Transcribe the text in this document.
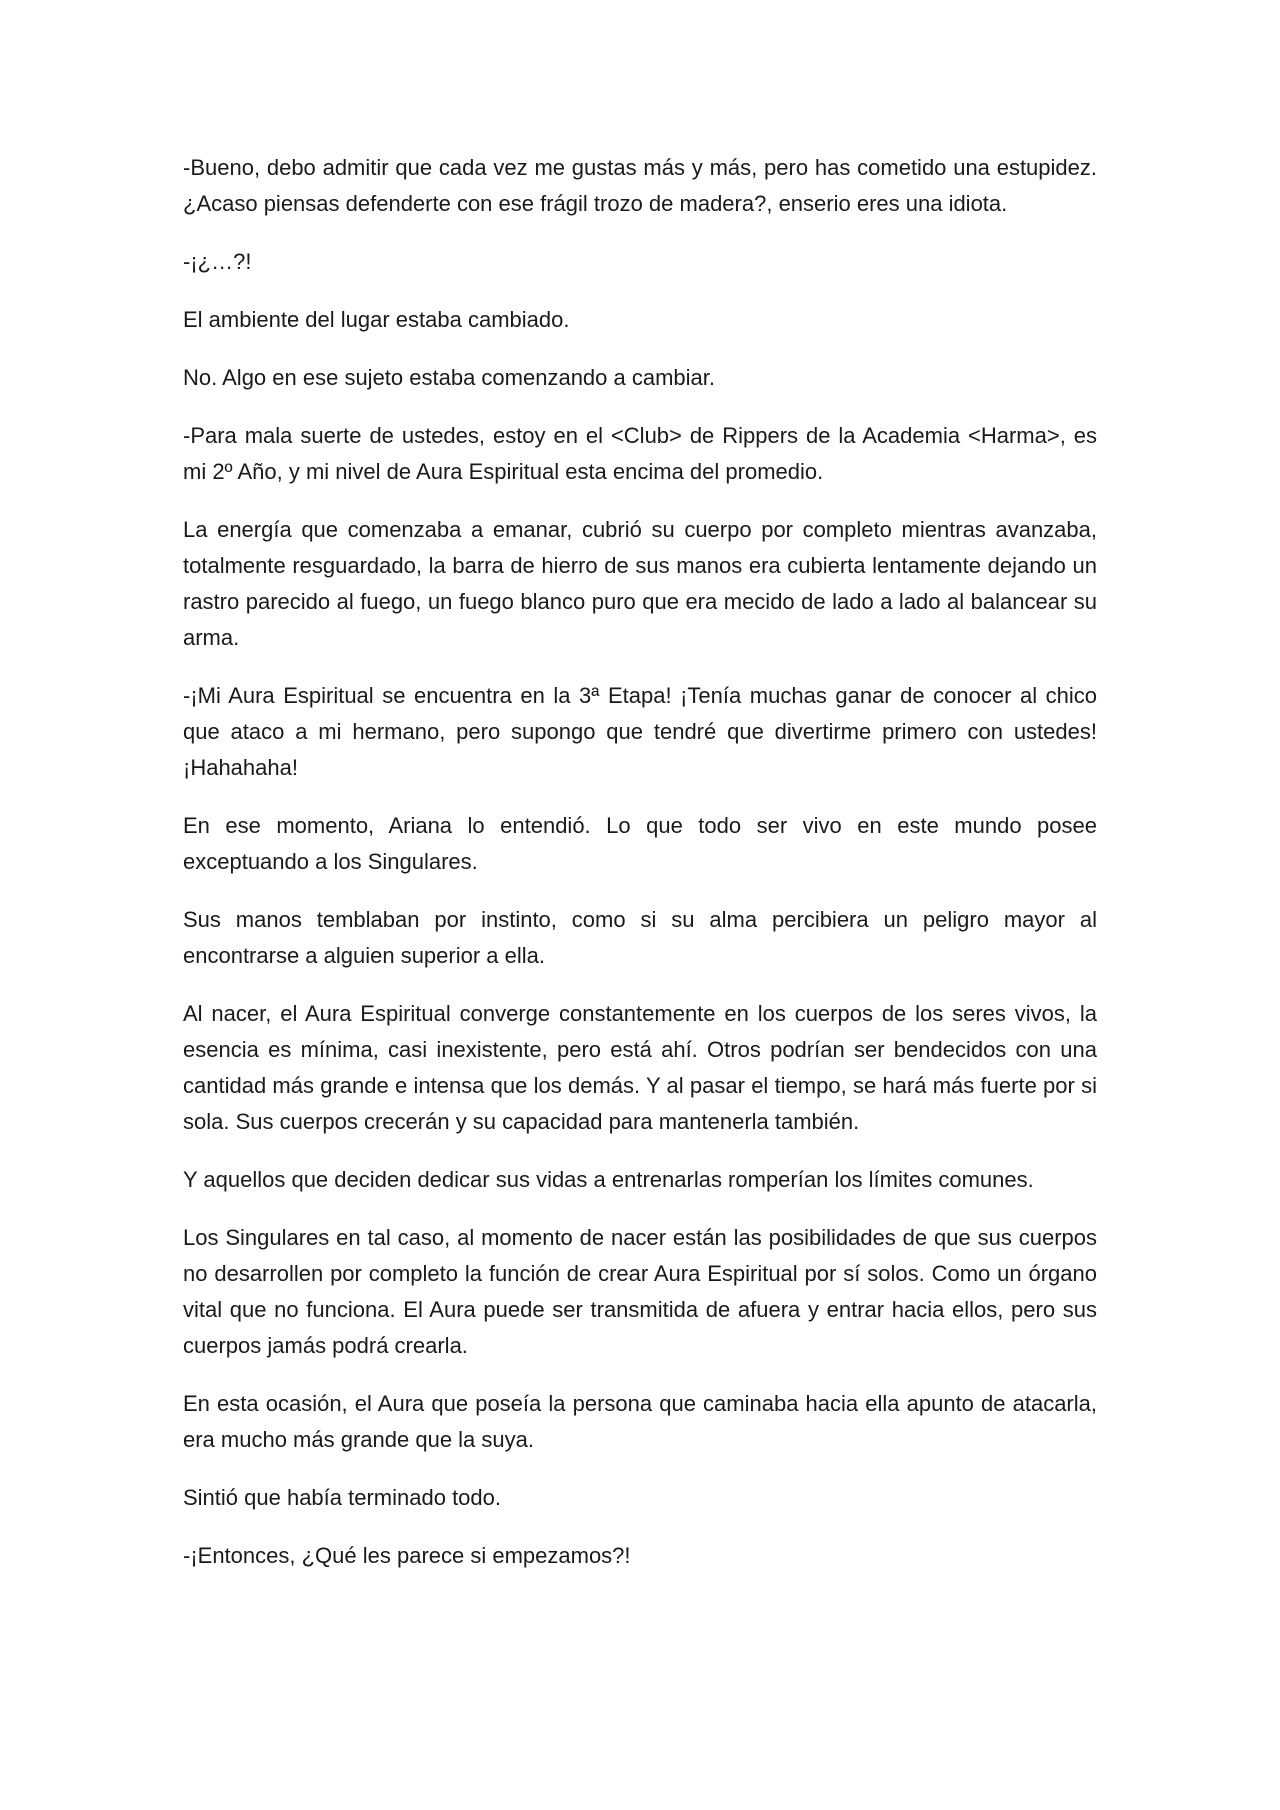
-Bueno, debo admitir que cada vez me gustas más y más, pero has cometido una estupidez. ¿Acaso piensas defenderte con ese frágil trozo de madera?, enserio eres una idiota.

-¡¿…?!

El ambiente del lugar estaba cambiado.

No. Algo en ese sujeto estaba comenzando a cambiar.

-Para mala suerte de ustedes, estoy en el <Club> de Rippers de la Academia <Harma>, es mi 2º Año, y mi nivel de Aura Espiritual esta encima del promedio.

La energía que comenzaba a emanar, cubrió su cuerpo por completo mientras avanzaba, totalmente resguardado, la barra de hierro de sus manos era cubierta lentamente dejando un rastro parecido al fuego, un fuego blanco puro que era mecido de lado a lado al balancear su arma.

-¡Mi Aura Espiritual se encuentra en la 3ª Etapa! ¡Tenía muchas ganar de conocer al chico que ataco a mi hermano, pero supongo que tendré que divertirme primero con ustedes! ¡Hahahaha!

En ese momento, Ariana lo entendió. Lo que todo ser vivo en este mundo posee exceptuando a los Singulares.

Sus manos temblaban por instinto, como si su alma percibiera un peligro mayor al encontrarse a alguien superior a ella.

Al nacer, el Aura Espiritual converge constantemente en los cuerpos de los seres vivos, la esencia es mínima, casi inexistente, pero está ahí. Otros podrían ser bendecidos con una cantidad más grande e intensa que los demás. Y al pasar el tiempo, se hará más fuerte por si sola. Sus cuerpos crecerán y su capacidad para mantenerla también.

Y aquellos que deciden dedicar sus vidas a entrenarlas romperían los límites comunes.

Los Singulares en tal caso, al momento de nacer están las posibilidades de que sus cuerpos no desarrollen por completo la función de crear Aura Espiritual por sí solos. Como un órgano vital que no funciona. El Aura puede ser transmitida de afuera y entrar hacia ellos, pero sus cuerpos jamás podrá crearla.

En esta ocasión, el Aura que poseía la persona que caminaba hacia ella apunto de atacarla, era mucho más grande que la suya.

Sintió que había terminado todo.

-¡Entonces, ¿Qué les parece si empezamos?!
